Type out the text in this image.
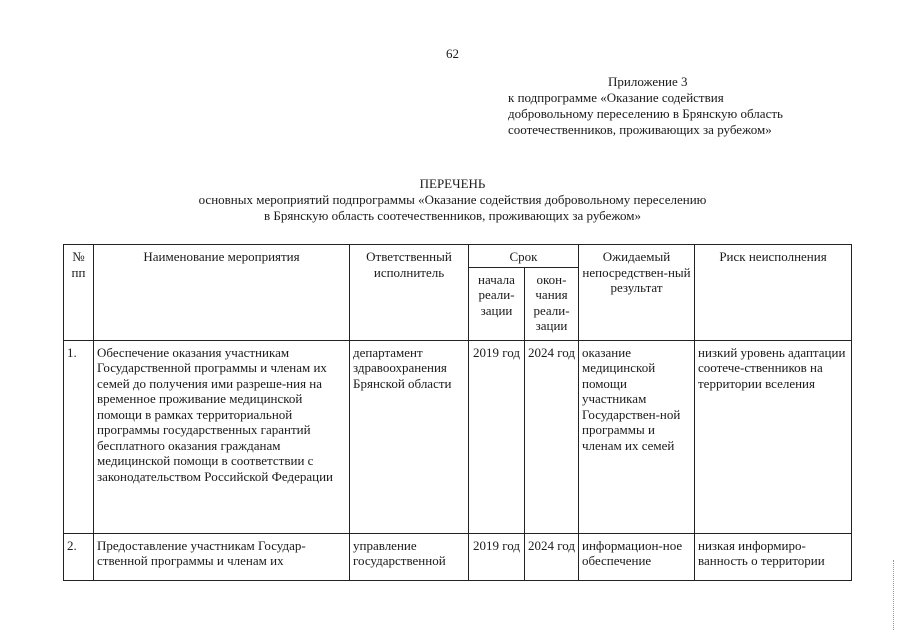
62
Приложение 3
к подпрограмме «Оказание содействия
добровольному переселению в Брянскую область
соотечественников, проживающих за рубежом»
ПЕРЕЧЕНЬ
основных мероприятий подпрограммы «Оказание содействия добровольному переселению
в Брянскую область соотечественников, проживающих за рубежом»
№ пп	Наименование мероприятия	Ответственный исполнитель	Срок		Ожидаемый непосредствен-ный результат	Риск неисполнения
			начала реали-зации	окон-чания реали-зации		
1.	Обеспечение оказания участникам Государственной программы и членам их семей до получения ими разреше-ния на временное проживание медицинской помощи в рамках территориальной программы государственных гарантий бесплатного оказания гражданам медицинской помощи в соответствии с законодательством Российской Федерации	департамент здравоохранения Брянской области	2019 год	2024 год	оказание медицинской помощи участникам Государствен-ной программы и членам их семей	низкий уровень адаптации соотече-ственников на территории вселения
2.	Предоставление участникам Государ-ственной программы и членам их	управление государственной	2019 год	2024 год	информацион-ное обеспечение	низкая информиро-ванность о территории
